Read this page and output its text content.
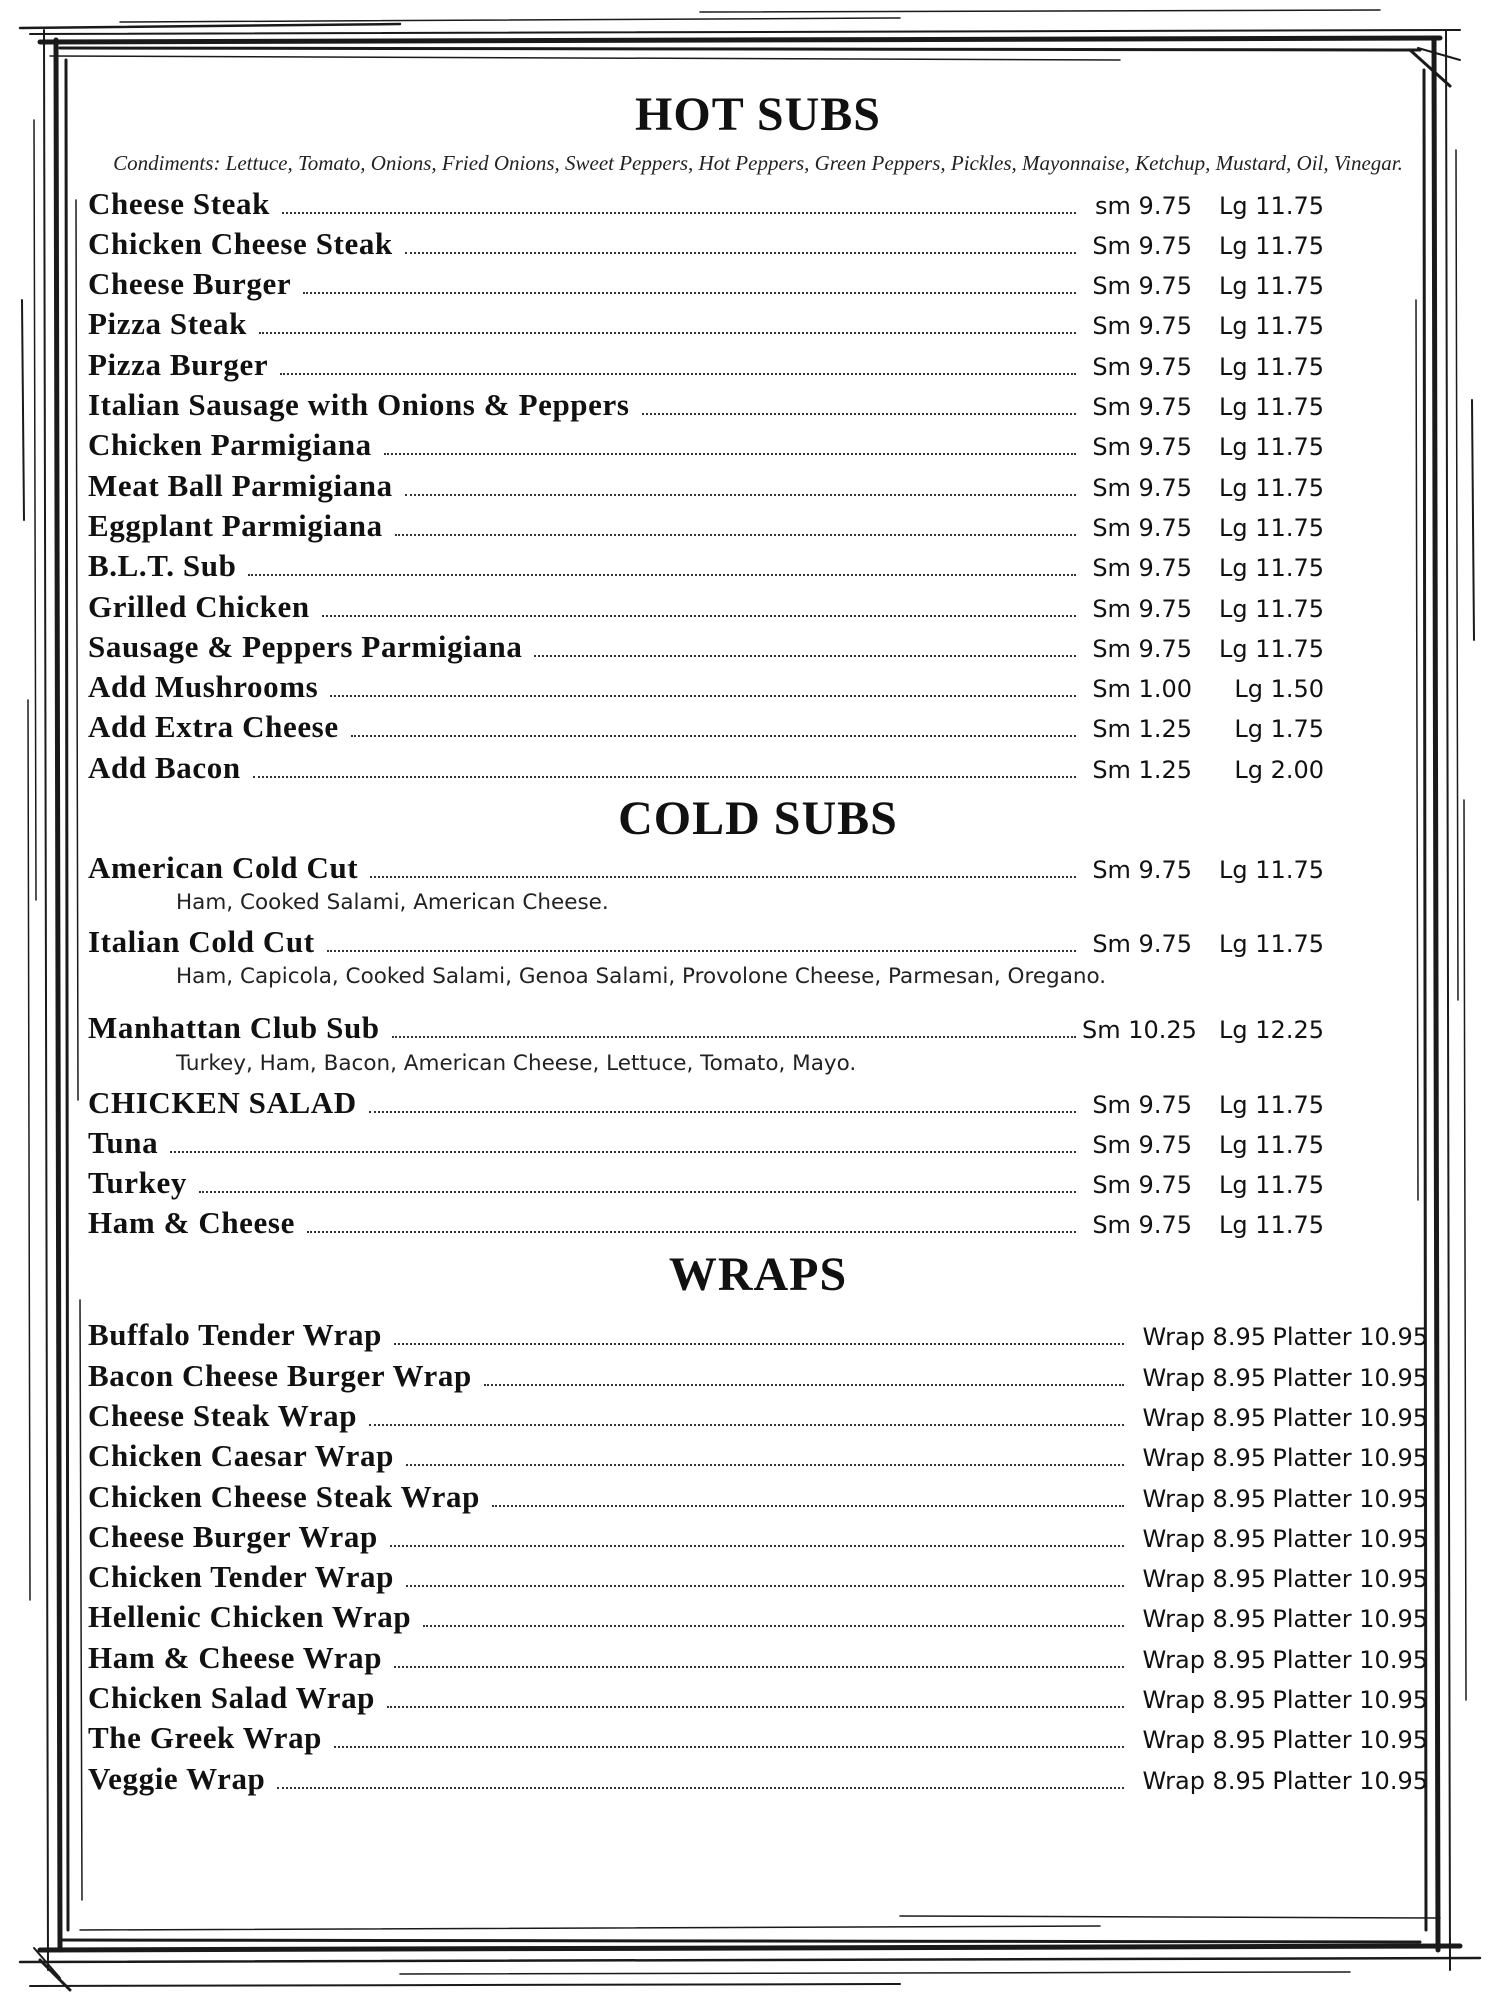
HOT SUBS
Condiments: Lettuce, Tomato, Onions, Fried Onions, Sweet Peppers, Hot Peppers, Green Peppers, Pickles, Mayonnaise, Ketchup, Mustard, Oil, Vinegar.
Cheese Steak	sm 9.75	Lg 11.75
Chicken Cheese Steak	Sm 9.75	Lg 11.75
Cheese Burger	Sm 9.75	Lg 11.75
Pizza Steak	Sm 9.75	Lg 11.75
Pizza Burger	Sm 9.75	Lg 11.75
Italian Sausage with Onions & Peppers	Sm 9.75	Lg 11.75
Chicken Parmigiana	Sm 9.75	Lg 11.75
Meat Ball Parmigiana	Sm 9.75	Lg 11.75
Eggplant Parmigiana	Sm 9.75	Lg 11.75
B.L.T. Sub	Sm 9.75	Lg 11.75
Grilled Chicken	Sm 9.75	Lg 11.75
Sausage & Peppers Parmigiana	Sm 9.75	Lg 11.75
Add Mushrooms	Sm 1.00	Lg 1.50
Add Extra Cheese	Sm 1.25	Lg 1.75
Add Bacon	Sm 1.25	Lg 2.00
COLD SUBS
American Cold Cut	Sm 9.75	Lg 11.75
Ham, Cooked Salami, American Cheese.
Italian Cold Cut	Sm 9.75	Lg 11.75
Ham, Capicola, Cooked Salami, Genoa Salami, Provolone Cheese, Parmesan, Oregano.
Manhattan Club Sub	Sm 10.25 Lg 12.25
Turkey, Ham, Bacon, American Cheese, Lettuce, Tomato, Mayo.
CHICKEN SALAD	Sm 9.75	Lg 11.75
Tuna	Sm 9.75	Lg 11.75
Turkey	Sm 9.75	Lg 11.75
Ham & Cheese	Sm 9.75	Lg 11.75
WRAPS
Buffalo Tender Wrap	Wrap 8.95 Platter 10.95
Bacon Cheese Burger Wrap	Wrap 8.95 Platter 10.95
Cheese Steak Wrap	Wrap 8.95 Platter 10.95
Chicken Caesar Wrap	Wrap 8.95 Platter 10.95
Chicken Cheese Steak Wrap	Wrap 8.95 Platter 10.95
Cheese Burger Wrap	Wrap 8.95 Platter 10.95
Chicken Tender Wrap	Wrap 8.95 Platter 10.95
Hellenic Chicken Wrap	Wrap 8.95 Platter 10.95
Ham & Cheese Wrap	Wrap 8.95 Platter 10.95
Chicken Salad Wrap	Wrap 8.95 Platter 10.95
The Greek Wrap	Wrap 8.95 Platter 10.95
Veggie Wrap	Wrap 8.95 Platter 10.95
